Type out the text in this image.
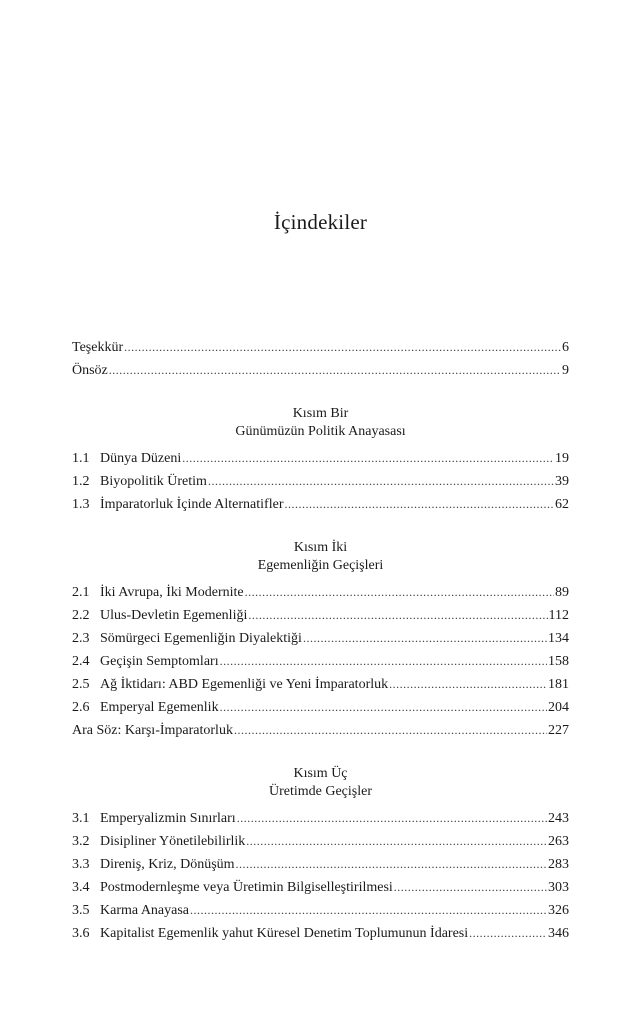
İçindekiler
Teşekkür .....	6
Önsöz .....	9
Kısım Bir
Günümüzün Politik Anayasası
1.1 Dünya Düzeni .....	19
1.2 Biyopolitik Üretim .....	39
1.3 İmparatorluk İçinde Alternatifler .....	62
Kısım İki
Egemenliğin Geçişleri
2.1 İki Avrupa, İki Modernite .....	89
2.2 Ulus-Devletin Egemenliği .....	112
2.3 Sömürgeci Egemenliğin Diyalektiği .....	134
2.4 Geçişin Semptomları .....	158
2.5 Ağ İktidarı: ABD Egemenliği ve Yeni İmparatorluk .....	181
2.6 Emperyal Egemenlik .....	204
Ara Söz: Karşı-İmparatorluk .....	227
Kısım Üç
Üretimde Geçişler
3.1 Emperyalizmin Sınırları .....	243
3.2 Disipliner Yönetilebilirlik .....	263
3.3 Direniş, Kriz, Dönüşüm .....	283
3.4 Postmodernleşme veya Üretimin Bilgiselleştirilmesi .....	303
3.5 Karma Anayasa .....	326
3.6 Kapitalist Egemenlik yahut Küresel Denetim Toplumunun İdaresi .....	346
